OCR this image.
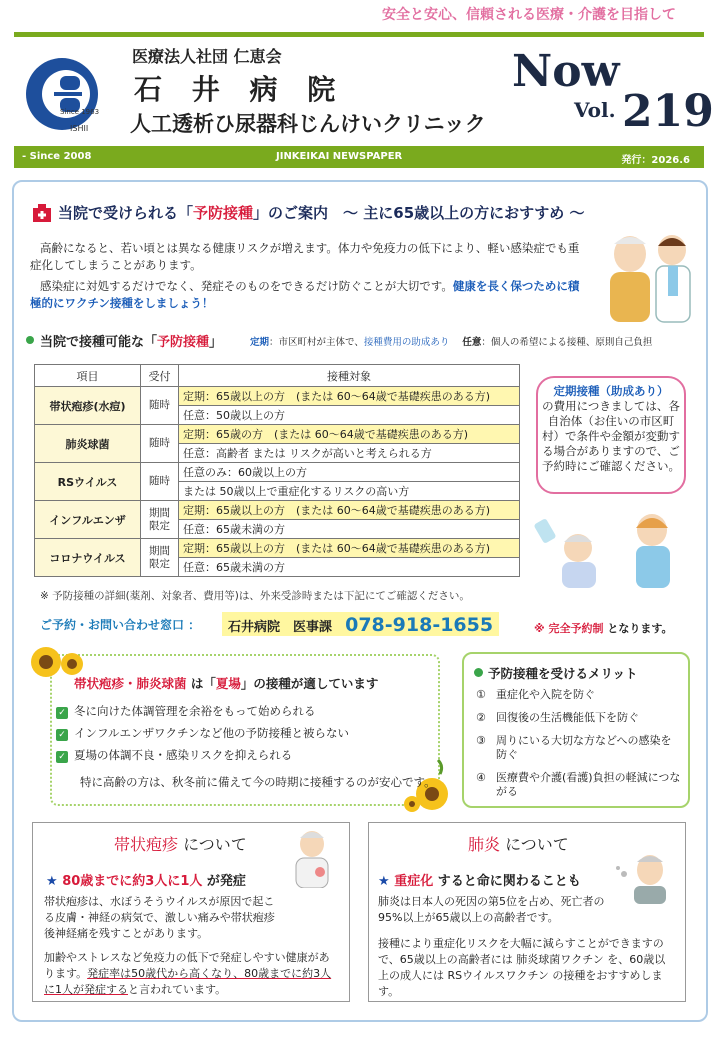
安全と安心、信頼される医療・介護を目指して
Since 1963
ISHII
医療法人社団 仁恵会
石 井 病 院
人工透析ひ尿器科じんけいクリニック
Now
Vol. 219
- Since 2008	JINKEIKAI NEWSPAPER	発行：2026.6
当院で受けられる「予防接種」のご案内　～ 主に65歳以上の方におすすめ ～
高齢になると、若い頃とは異なる健康リスクが増えます。体力や免疫力の低下により、軽い感染症でも重症化してしまうことがあります。
感染症に対処するだけでなく、発症そのものをできるだけ防ぐことが大切です。健康を長く保つために積極的にワクチン接種をしましょう！
当院で接種可能な「予防接種」	定期：市区町村が主体で、接種費用の助成あり 任意：個人の希望による接種、原則自己負担
項目	受付	接種対象
帯状疱疹(水痘)	随時	定期：65歳以上の方　(または 60～64歳で基礎疾患のある方)
		任意：50歳以上の方
肺炎球菌	随時	定期：65歳の方　(または 60～64歳で基礎疾患のある方)
		任意：高齢者 または リスクが高いと考えられる方
RSウイルス	随時	任意のみ：60歳以上の方
		または 50歳以上で重症化するリスクの高い方
インフルエンザ	期間限定	定期：65歳以上の方　(または 60～64歳で基礎疾患のある方)
		任意：65歳未満の方
コロナウイルス	期間限定	定期：65歳以上の方　(または 60～64歳で基礎疾患のある方)
		任意：65歳未満の方
※ 予防接種の詳細(薬剤、対象者、費用等)は、外来受診時または下記にてご確認ください。
定期接種（助成あり）
の費用につきましては、各自治体（お住いの市区町村）で条件や金額が変動する場合がありますので、ご予約時にご確認ください。
ご予約・お問い合わせ窓口 ：	石井病院　医事課 078-918-1655	※ 完全予約制 となります。
帯状疱疹・肺炎球菌 は「夏場」の接種が適しています
✓ 冬に向けた体調管理を余裕をもって始められる
✓ インフルエンザワクチンなど他の予防接種と被らない
✓ 夏場の体調不良・感染リスクを抑えられる
特に高齢の方は、秋冬前に備えて今の時期に接種するのが安心です。
予防接種を受けるメリット
① 重症化や入院を防ぐ
② 回復後の生活機能低下を防ぐ
③ 周りにいる大切な方などへの感染を防ぐ
④ 医療費や介護(看護)負担の軽減につながる
帯状疱疹 について
★ 80歳までに約3人に1人 が発症
帯状疱疹は、水ぼうそうウイルスが原因で起こる皮膚・神経の病気で、激しい痛みや帯状疱疹後神経痛を残すことがあります。
加齢やストレスなど免疫力の低下で発症しやすい健康があります。発症率は50歳代から高くなり、80歳までに約3人に1人が発症すると言われています。
肺炎 について
★ 重症化 すると命に関わることも
肺炎は日本人の死因の第5位を占め、死亡者の95%以上が65歳以上の高齢者です。
接種により重症化リスクを大幅に減らすことができますので、65歳以上の高齢者には 肺炎球菌ワクチン を、60歳以上の成人には RSウイルスワクチン の接種をおすすめします。
